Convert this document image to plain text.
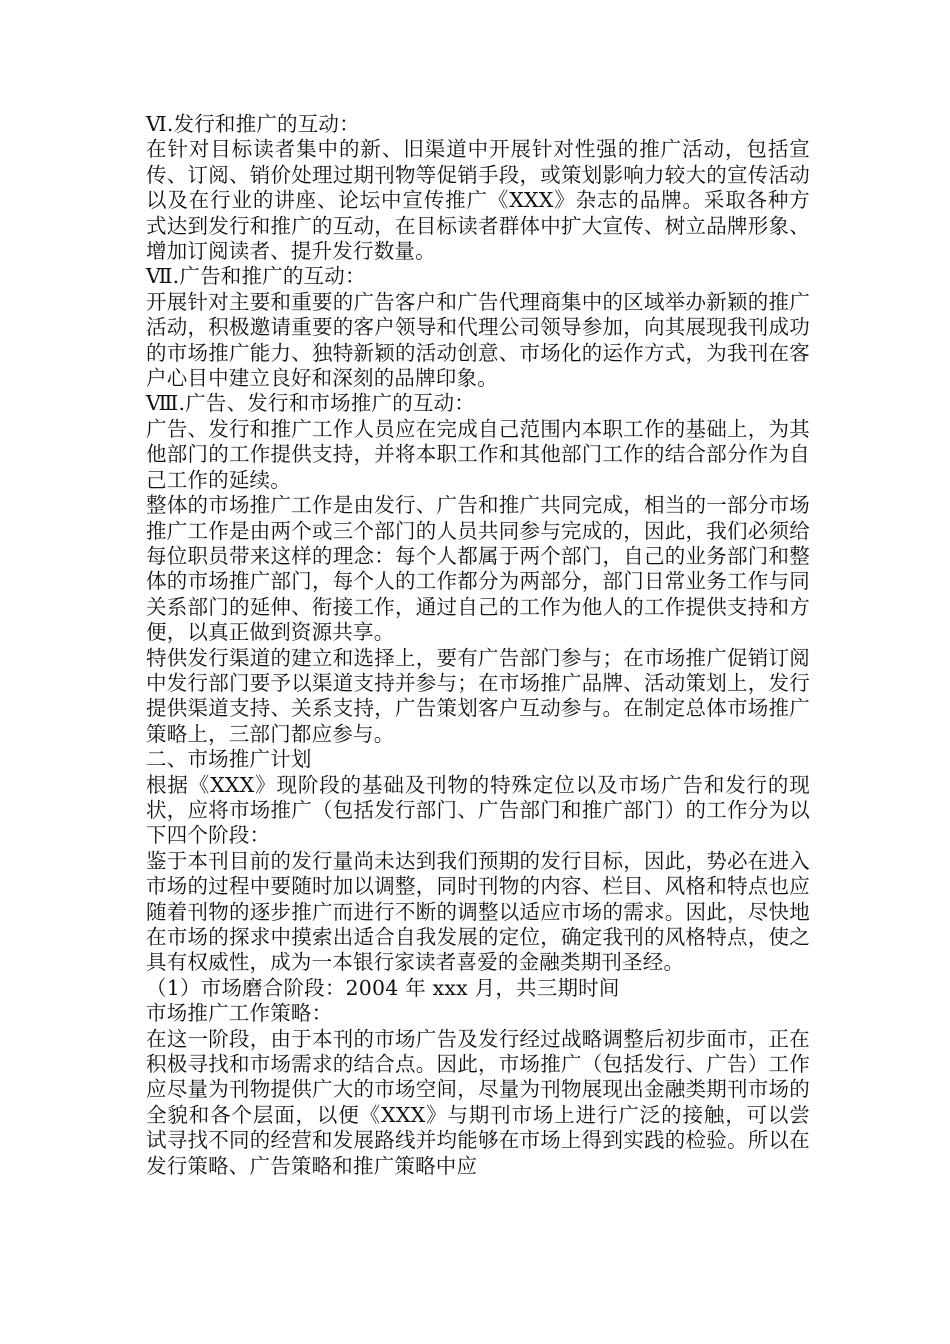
Ⅵ.发行和推广的互动：

在针对目标读者集中的新、旧渠道中开展针对性强的推广活动，包括宣传、订阅、销价处理过期刊物等促销手段，或策划影响力较大的宣传活动以及在行业的讲座、论坛中宣传推广《XXX》杂志的品牌。采取各种方式达到发行和推广的互动，在目标读者群体中扩大宣传、树立品牌形象、增加订阅读者、提升发行数量。

Ⅶ.广告和推广的互动：

开展针对主要和重要的广告客户和广告代理商集中的区域举办新颖的推广活动，积极邀请重要的客户领导和代理公司领导参加，向其展现我刊成功的市场推广能力、独特新颖的活动创意、市场化的运作方式，为我刊在客户心目中建立良好和深刻的品牌印象。

Ⅷ.广告、发行和市场推广的互动：

广告、发行和推广工作人员应在完成自己范围内本职工作的基础上，为其他部门的工作提供支持，并将本职工作和其他部门工作的结合部分作为自己工作的延续。

整体的市场推广工作是由发行、广告和推广共同完成，相当的一部分市场推广工作是由两个或三个部门的人员共同参与完成的，因此，我们必须给每位职员带来这样的理念：每个人都属于两个部门，自己的业务部门和整体的市场推广部门，每个人的工作都分为两部分，部门日常业务工作与同关系部门的延伸、衔接工作，通过自己的工作为他人的工作提供支持和方便，以真正做到资源共享。

特供发行渠道的建立和选择上，要有广告部门参与；在市场推广促销订阅中发行部门要予以渠道支持并参与；在市场推广品牌、活动策划上，发行提供渠道支持、关系支持，广告策划客户互动参与。在制定总体市场推广策略上，三部门都应参与。

二、市场推广计划

根据《XXX》现阶段的基础及刊物的特殊定位以及市场广告和发行的现状，应将市场推广（包括发行部门、广告部门和推广部门）的工作分为以下四个阶段：

鉴于本刊目前的发行量尚未达到我们预期的发行目标，因此，势必在进入市场的过程中要随时加以调整，同时刊物的内容、栏目、风格和特点也应随着刊物的逐步推广而进行不断的调整以适应市场的需求。因此，尽快地在市场的探求中摸索出适合自我发展的定位，确定我刊的风格特点，使之具有权威性，成为一本银行家读者喜爱的金融类期刊圣经。

（1）市场磨合阶段：2004 年 xxx 月，共三期时间

市场推广工作策略：

在这一阶段，由于本刊的市场广告及发行经过战略调整后初步面市，正在积极寻找和市场需求的结合点。因此，市场推广（包括发行、广告）工作应尽量为刊物提供广大的市场空间，尽量为刊物展现出金融类期刊市场的全貌和各个层面，以便《XXX》与期刊市场上进行广泛的接触，可以尝试寻找不同的经营和发展路线并均能够在市场上得到实践的检验。所以在发行策略、广告策略和推广策略中应
